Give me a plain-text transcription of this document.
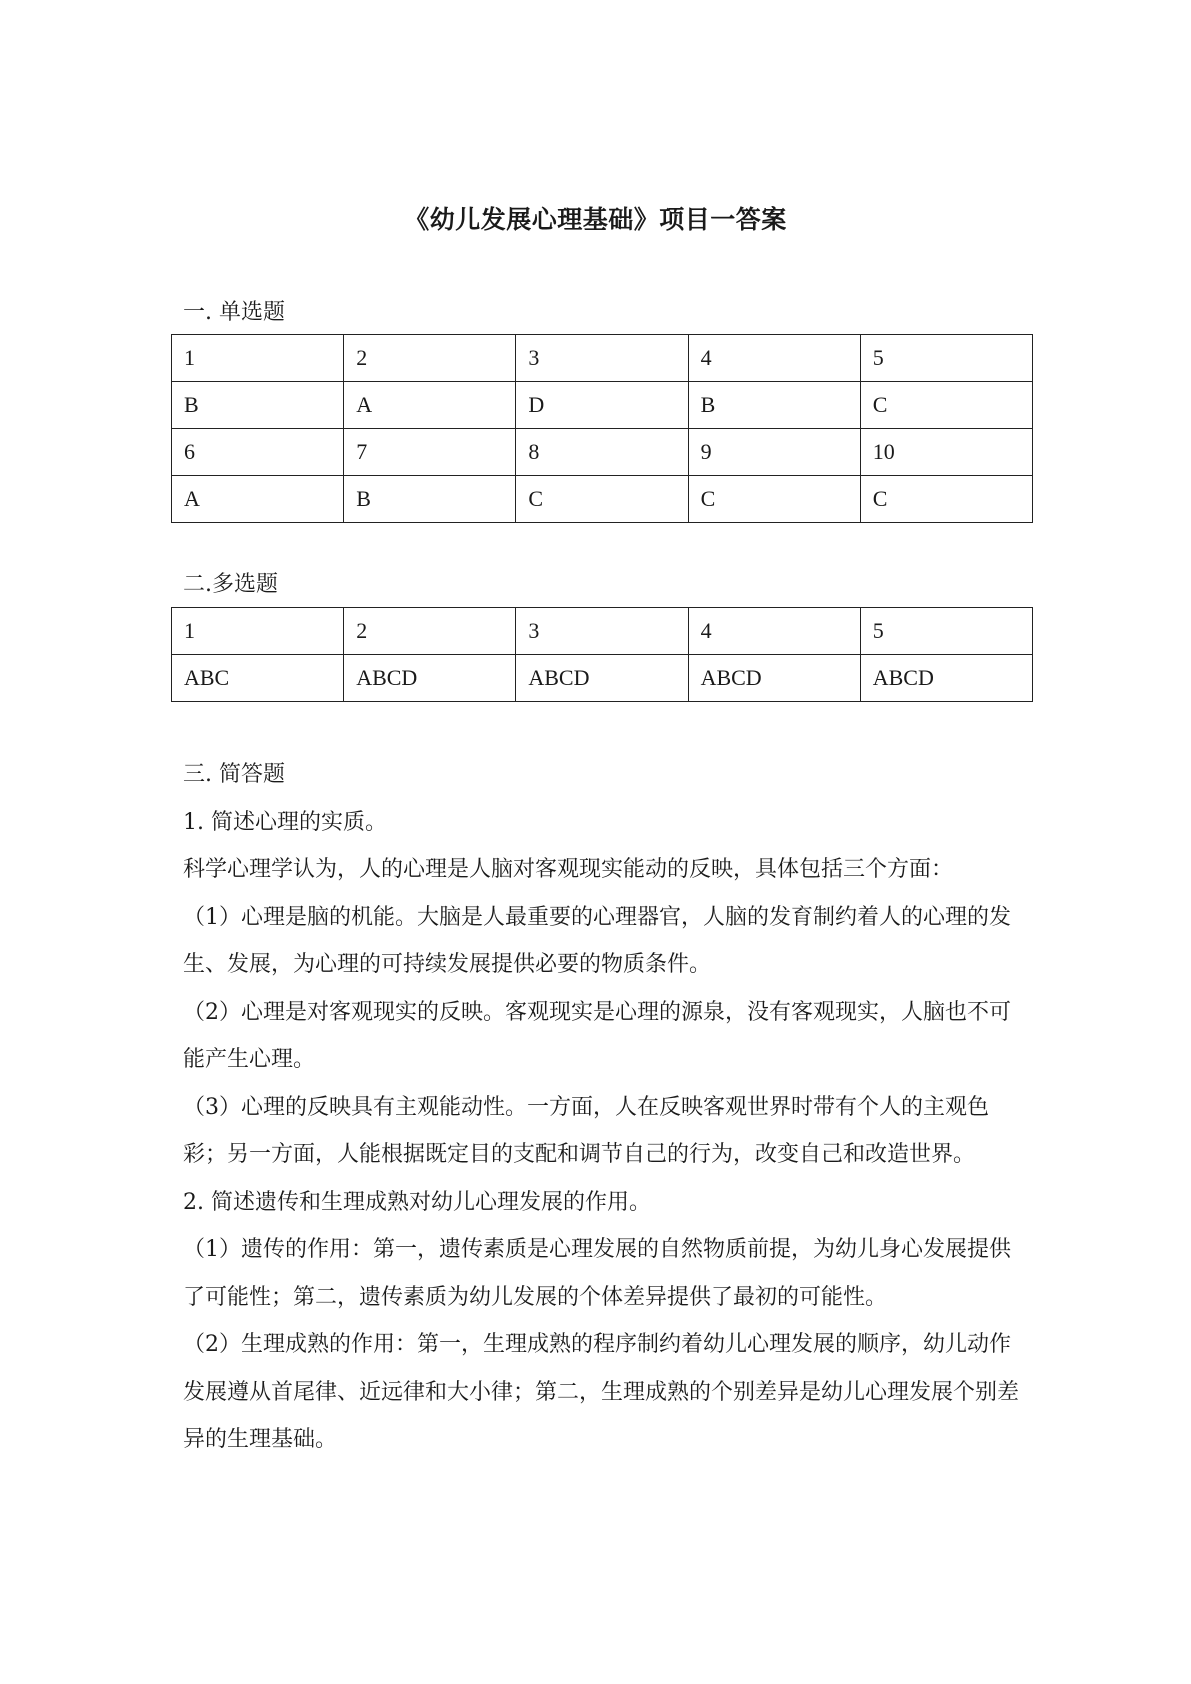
《幼儿发展心理基础》项目一答案
一. 单选题
1	2	3	4	5
B	A	D	B	C
6	7	8	9	10
A	B	C	C	C
二.多选题
1	2	3	4	5
ABC	ABCD	ABCD	ABCD	ABCD

三. 简答题

1. 简述心理的实质。

科学心理学认为，人的心理是人脑对客观现实能动的反映，具体包括三个方面：

（1）心理是脑的机能。大脑是人最重要的心理器官，人脑的发育制约着人的心理的发生、发展，为心理的可持续发展提供必要的物质条件。

（2）心理是对客观现实的反映。客观现实是心理的源泉，没有客观现实，人脑也不可能产生心理。

（3）心理的反映具有主观能动性。一方面，人在反映客观世界时带有个人的主观色彩；另一方面，人能根据既定目的支配和调节自己的行为，改变自己和改造世界。

2. 简述遗传和生理成熟对幼儿心理发展的作用。

（1）遗传的作用：第一，遗传素质是心理发展的自然物质前提，为幼儿身心发展提供了可能性；第二，遗传素质为幼儿发展的个体差异提供了最初的可能性。

（2）生理成熟的作用：第一，生理成熟的程序制约着幼儿心理发展的顺序，幼儿动作发展遵从首尾律、近远律和大小律；第二，生理成熟的个别差异是幼儿心理发展个别差异的生理基础。
